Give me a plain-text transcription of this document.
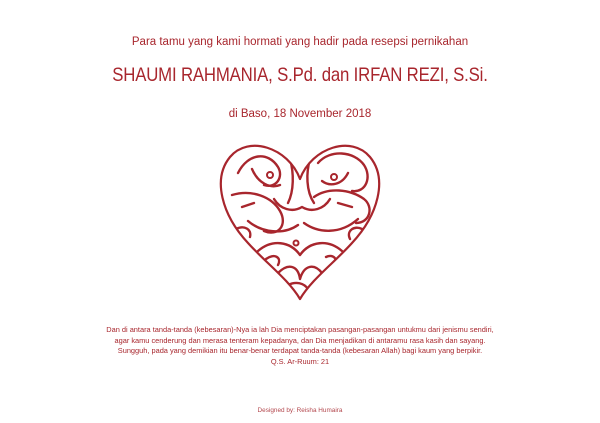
Para tamu yang kami hormati yang hadir pada resepsi pernikahan
SHAUMI RAHMANIA, S.Pd. dan IRFAN REZI, S.Si.
di Baso, 18 November 2018
Dan di antara tanda-tanda (kebesaran)-Nya ia lah Dia menciptakan pasangan-pasangan untukmu dari jenismu sendiri,
agar kamu cenderung dan merasa tenteram kepadanya, dan Dia menjadikan di antaramu rasa kasih dan sayang.
Sungguh, pada yang demikian itu benar-benar terdapat tanda-tanda (kebesaran Allah) bagi kaum yang berpikir.
Q.S. Ar-Ruum: 21
Designed by: Reisha Humaira
